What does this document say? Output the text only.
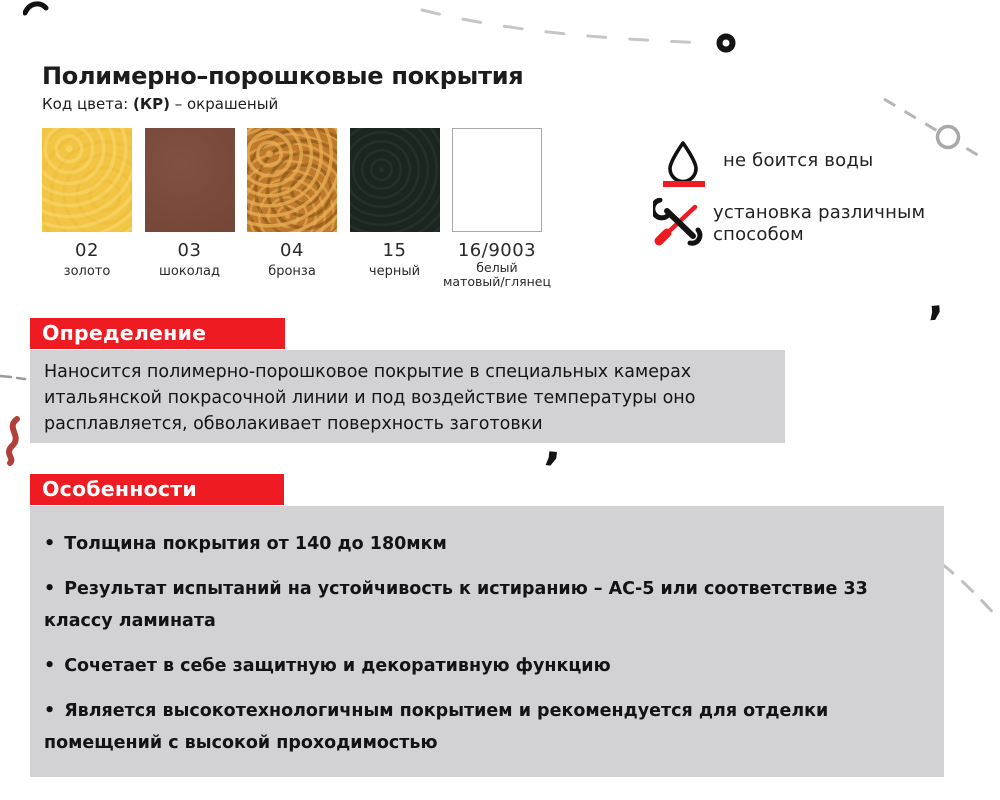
’
’
Полимерно–порошковые покрытия
Код цвета: (КР) – окрашеный
02
золото
03
шоколад
04
бронза
15
черный
16/9003
белый
матовый/глянец
не боится воды
установка различным способом
Определение
Наносится полимерно-порошковое покрытие в специальных камерах итальянской покрасочной линии и под воздействие температуры оно расплавляется, обволакивает поверхность заготовки
Особенности
• Толщина покрытия от 140 до 180мкм
• Результат испытаний на устойчивость к истиранию – АС-5 или соответствие 33 классу ламината
• Сочетает в себе защитную и декоративную функцию
• Является высокотехнологичным покрытием и рекомендуется для отделки помещений с высокой проходимостью
